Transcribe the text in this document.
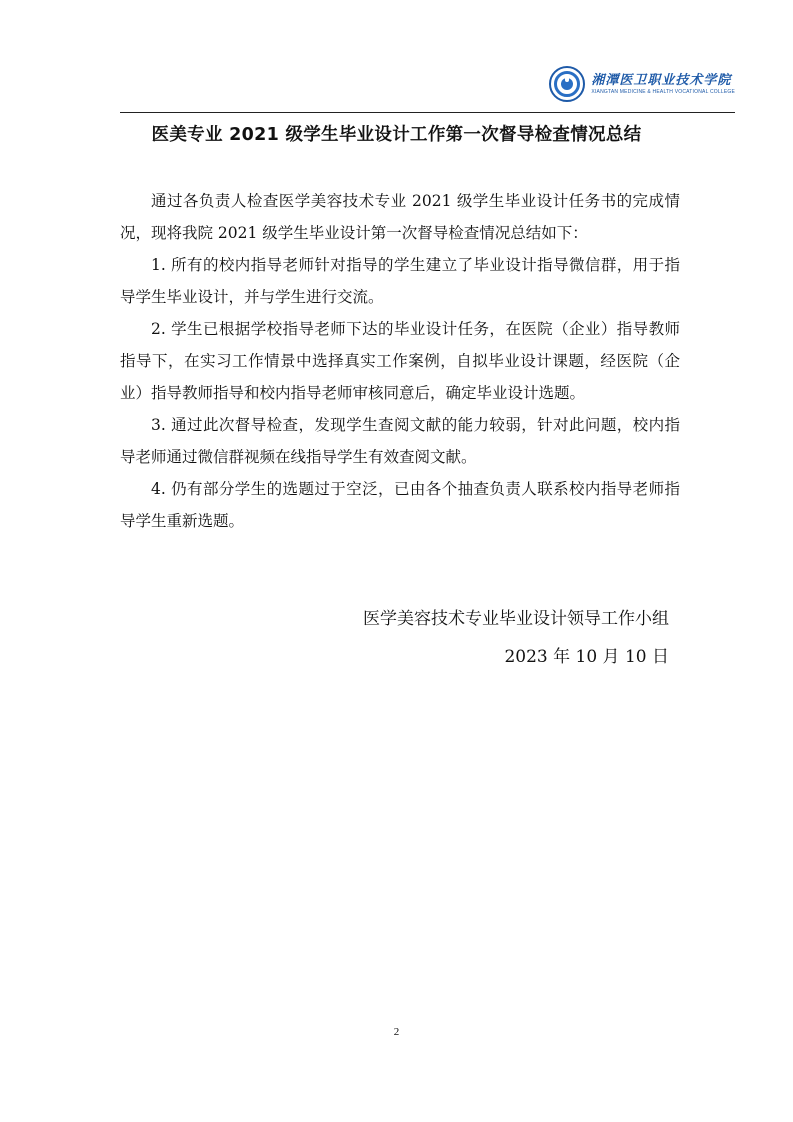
湘潭医卫职业技术学院
XIANGTAN MEDICINE & HEALTH VOCATIONAL COLLEGE
医美专业 2021 级学生毕业设计工作第一次督导检查情况总结

通过各负责人检查医学美容技术专业 2021 级学生毕业设计任务书的完成情况，现将我院 2021 级学生毕业设计第一次督导检查情况总结如下：

1. 所有的校内指导老师针对指导的学生建立了毕业设计指导微信群，用于指导学生毕业设计，并与学生进行交流。

2. 学生已根据学校指导老师下达的毕业设计任务，在医院（企业）指导教师指导下，在实习工作情景中选择真实工作案例，自拟毕业设计课题，经医院（企业）指导教师指导和校内指导老师审核同意后，确定毕业设计选题。

3. 通过此次督导检查，发现学生查阅文献的能力较弱，针对此问题，校内指导老师通过微信群视频在线指导学生有效查阅文献。

4. 仍有部分学生的选题过于空泛，已由各个抽查负责人联系校内指导老师指导学生重新选题。

医学美容技术专业毕业设计领导工作小组
2023 年 10 月 10 日
2
